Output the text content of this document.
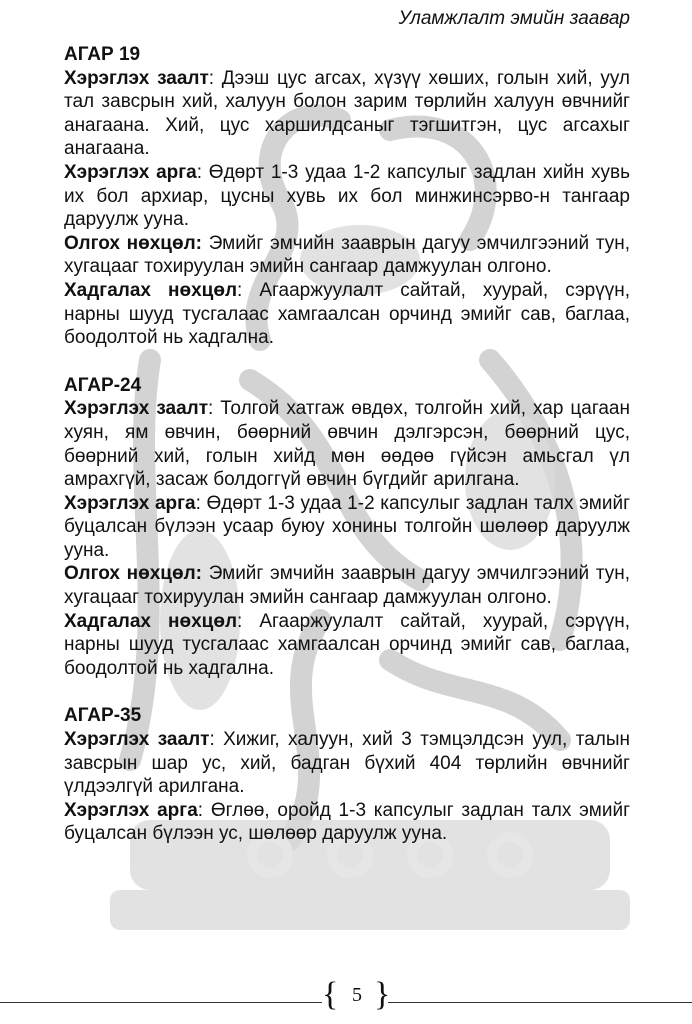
Уламжлалт эмийн заавар

АГАР 19

Хэрэглэх заалт: Дээш цус агсах, хүзүү хөших, голын хий, уул тал завсрын хий, халуун болон зарим төрлийн халуун өвчнийг анагаана. Хий, цус харшилдсаныг тэгшитгэн, цус агсахыг анагаана.

Хэрэглэх арга: Өдөрт 1-3 удаа 1-2 капсулыг задлан хийн хувь их бол архиар, цусны хувь их бол минжинсэрво-н тангаар даруулж ууна.

Олгох нөхцөл: Эмийг эмчийн зааврын дагуу эмчилгээний тун, хугацааг тохируулан эмийн сангаар дамжуулан олгоно.

Хадгалах нөхцөл: Агааржуулалт сайтай, хуурай, сэрүүн, нарны шууд тусгалаас хамгаалсан орчинд эмийг сав, баглаа, боодолтой нь хадгална.

АГАР-24

Хэрэглэх заалт: Толгой хатгаж өвдөх, толгойн хий, хар цагаан хуян, ям өвчин, бөөрний өвчин дэлгэрсэн, бөөрний цус, бөөрний хий, голын хийд мөн өөдөө гүйсэн амьсгал үл амрахгүй, засаж болдоггүй өвчин бүгдийг арилгана.

Хэрэглэх арга: Өдөрт 1-3 удаа 1-2 капсулыг задлан талх эмийг буцалсан бүлээн усаар буюу хонины толгойн шөлөөр даруулж ууна.

Олгох нөхцөл: Эмийг эмчийн зааврын дагуу эмчилгээний тун, хугацааг тохируулан эмийн сангаар дамжуулан олгоно.

Хадгалах нөхцөл: Агааржуулалт сайтай, хуурай, сэрүүн, нарны шууд тусгалаас хамгаалсан орчинд эмийг сав, баглаа, боодолтой нь хадгална.

АГАР-35

Хэрэглэх заалт: Хижиг, халуун, хий 3 тэмцэлдсэн уул, талын завсрын шар ус, хий, бадган бүхий 404 төрлийн өвчнийг үлдээлгүй арилгана.

Хэрэглэх арга: Өглөө, оройд 1-3 капсулыг задлан талх эмийг буцалсан бүлээн ус, шөлөөр даруулж ууна.

{ }
5
